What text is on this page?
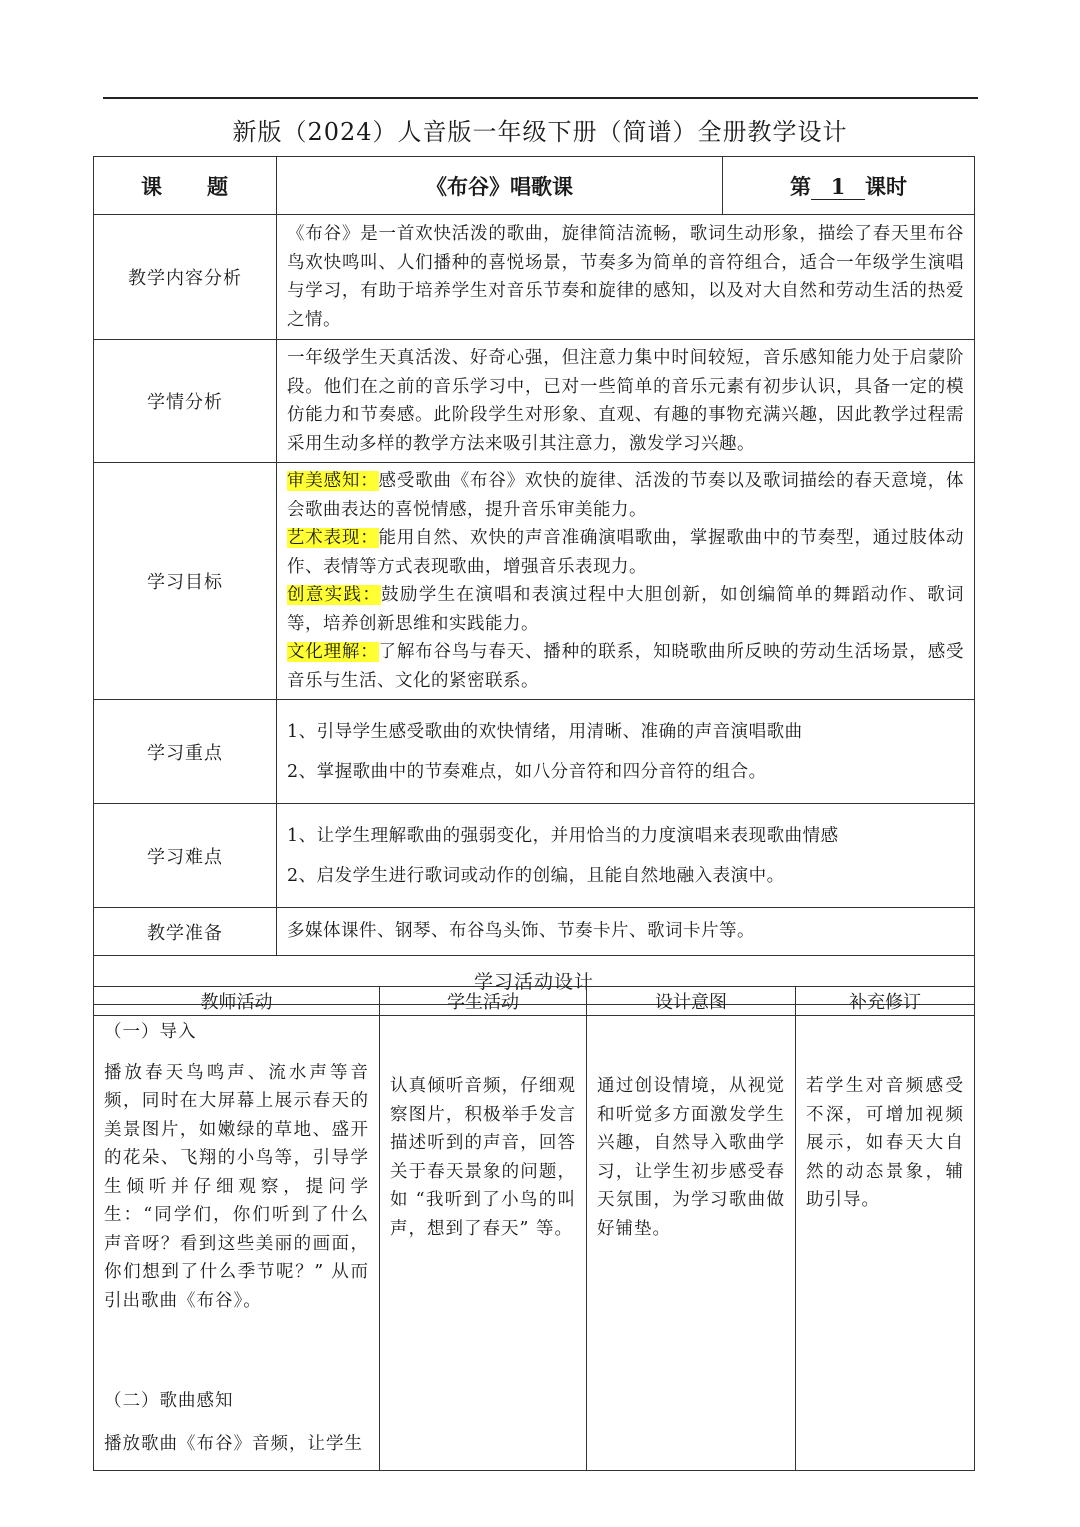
新版（2024）人音版一年级下册（简谱）全册教学设计
课　　题	《布谷》唱歌课	第 1 课时
教学内容分析	《布谷》是一首欢快活泼的歌曲，旋律简洁流畅，歌词生动形象，描绘了春天里布谷鸟欢快鸣叫、人们播种的喜悦场景，节奏多为简单的音符组合，适合一年级学生演唱与学习，有助于培养学生对音乐节奏和旋律的感知，以及对大自然和劳动生活的热爱之情。	
学情分析	一年级学生天真活泼、好奇心强，但注意力集中时间较短，音乐感知能力处于启蒙阶段。他们在之前的音乐学习中，已对一些简单的音乐元素有初步认识，具备一定的模仿能力和节奏感。此阶段学生对形象、直观、有趣的事物充满兴趣，因此教学过程需采用生动多样的教学方法来吸引其注意力，激发学习兴趣。	
学习目标	审美感知：感受歌曲《布谷》欢快的旋律、活泼的节奏以及歌词描绘的春天意境，体会歌曲表达的喜悦情感，提升音乐审美能力。
艺术表现：能用自然、欢快的声音准确演唱歌曲，掌握歌曲中的节奏型，通过肢体动作、表情等方式表现歌曲，增强音乐表现力。
创意实践：鼓励学生在演唱和表演过程中大胆创新，如创编简单的舞蹈动作、歌词等，培养创新思维和实践能力。
文化理解：了解布谷鸟与春天、播种的联系，知晓歌曲所反映的劳动生活场景，感受音乐与生活、文化的紧密联系。	

学习重点	1、引导学生感受歌曲的欢快情绪，用清晰、准确的声音演唱歌曲

2、掌握歌曲中的节奏难点，如八分音符和四分音符的组合。	

学习难点	1、让学生理解歌曲的强弱变化，并用恰当的力度演唱来表现歌曲情感

2、启发学生进行歌词或动作的创编，且能自然地融入表演中。	

教学准备	多媒体课件、钢琴、布谷鸟头饰、节奏卡片、歌词卡片等。	
学习活动设计		
教师活动	学生活动	设计意图	补充修订

（一）导入

播放春天鸟鸣声、流水声等音频，同时在大屏幕上展示春天的美景图片，如嫩绿的草地、盛开的花朵、飞翔的小鸟等，引导学生倾听并仔细观察，提问学生：“同学们，你们听到了什么声音呀？看到这些美丽的画面，你们想到了什么季节呢？” 从而引出歌曲《布谷》。

（二）歌曲感知

播放歌曲《布谷》音频，让学生	认真倾听音频，仔细观察图片，积极举手发言描述听到的声音，回答关于春天景象的问题，如 “我听到了小鸟的叫声，想到了春天” 等。	通过创设情境，从视觉和听觉多方面激发学生兴趣，自然导入歌曲学习，让学生初步感受春天氛围，为学习歌曲做好铺垫。	若学生对音频感受不深，可增加视频展示，如春天大自然的动态景象，辅助引导。
